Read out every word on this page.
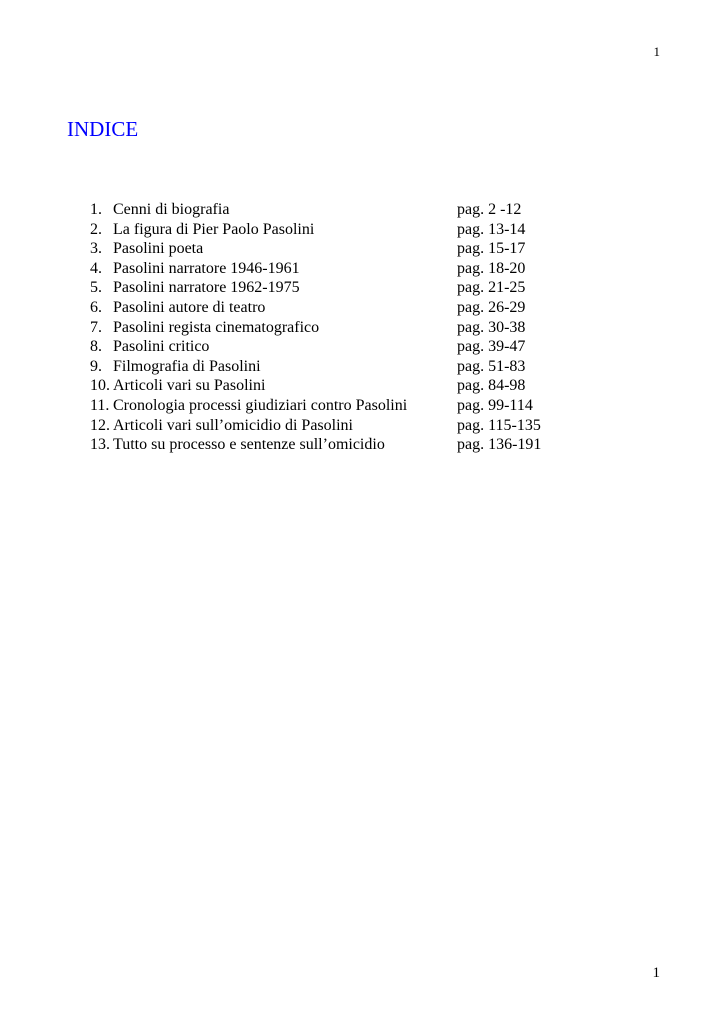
1
INDICE
1. Cenni di biografia	pag. 2 -12
2. La figura di Pier Paolo Pasolini	pag. 13-14
3. Pasolini poeta	pag. 15-17
4. Pasolini narratore 1946-1961	pag. 18-20
5. Pasolini narratore 1962-1975	pag. 21-25
6. Pasolini autore di teatro	pag. 26-29
7. Pasolini regista cinematografico	pag. 30-38
8. Pasolini critico	pag. 39-47
9. Filmografia di Pasolini	pag. 51-83
10. Articoli vari su Pasolini	pag. 84-98
11. Cronologia processi giudiziari contro Pasolini	pag. 99-114
12. Articoli vari sull’omicidio di Pasolini	pag. 115-135
13. Tutto su processo e sentenze sull’omicidio	pag. 136-191
1
